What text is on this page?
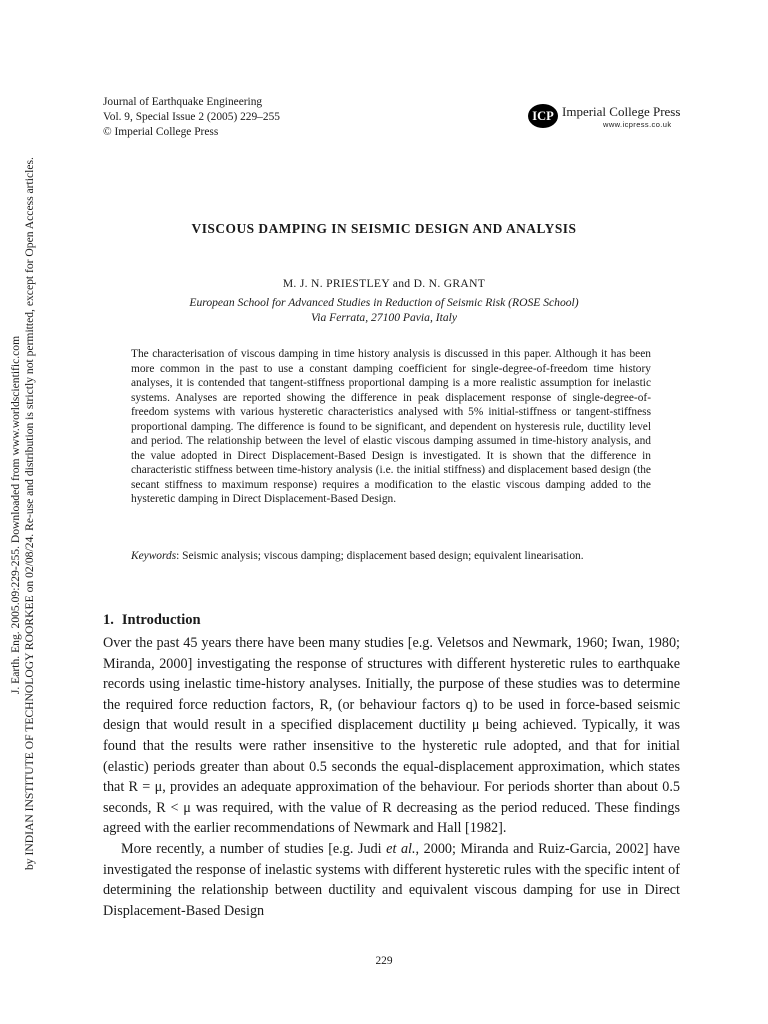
J. Earth. Eng. 2005.09:229-255. Downloaded from www.worldscientific.com by INDIAN INSTITUTE OF TECHNOLOGY ROORKEE on 02/08/24. Re-use and distribution is strictly not permitted, except for Open Access articles.
Journal of Earthquake Engineering
Vol. 9, Special Issue 2 (2005) 229–255
© Imperial College Press
ICP Imperial College Press
www.icpress.co.uk
VISCOUS DAMPING IN SEISMIC DESIGN AND ANALYSIS
M. J. N. PRIESTLEY and D. N. GRANT
European School for Advanced Studies in Reduction of Seismic Risk (ROSE School)
Via Ferrata, 27100 Pavia, Italy

The characterisation of viscous damping in time history analysis is discussed in this paper. Although it has been more common in the past to use a constant damping coefficient for single-degree-of-freedom time history analyses, it is contended that tangent-stiffness proportional damping is a more realistic assumption for inelastic systems. Analyses are reported showing the difference in peak displacement response of single-degree-of-freedom systems with various hysteretic characteristics analysed with 5% initial-stiffness or tangent-stiffness proportional damping. The difference is found to be significant, and dependent on hysteresis rule, ductility level and period. The relationship between the level of elastic viscous damping assumed in time-history analysis, and the value adopted in Direct Displacement-Based Design is investigated. It is shown that the difference in characteristic stiffness between time-history analysis (i.e. the initial stiffness) and displacement based design (the secant stiffness to maximum response) requires a modification to the elastic viscous damping added to the hysteretic damping in Direct Displacement-Based Design.

Keywords: Seismic analysis; viscous damping; displacement based design; equivalent linearisation.

1. Introduction

Over the past 45 years there have been many studies [e.g. Veletsos and Newmark, 1960; Iwan, 1980; Miranda, 2000] investigating the response of structures with different hysteretic rules to earthquake records using inelastic time-history analyses. Initially, the purpose of these studies was to determine the required force reduction factors, R, (or behaviour factors q) to be used in force-based seismic design that would result in a specified displacement ductility μ being achieved. Typically, it was found that the results were rather insensitive to the hysteretic rule adopted, and that for initial (elastic) periods greater than about 0.5 seconds the equal-displacement approximation, which states that R = μ, provides an adequate approximation of the behaviour. For periods shorter than about 0.5 seconds, R < μ was required, with the value of R decreasing as the period reduced. These findings agreed with the earlier recommendations of Newmark and Hall [1982].

More recently, a number of studies [e.g. Judi et al., 2000; Miranda and Ruiz-Garcia, 2002] have investigated the response of inelastic systems with different hysteretic rules with the specific intent of determining the relationship between ductility and equivalent viscous damping for use in Direct Displacement-Based Design

229
